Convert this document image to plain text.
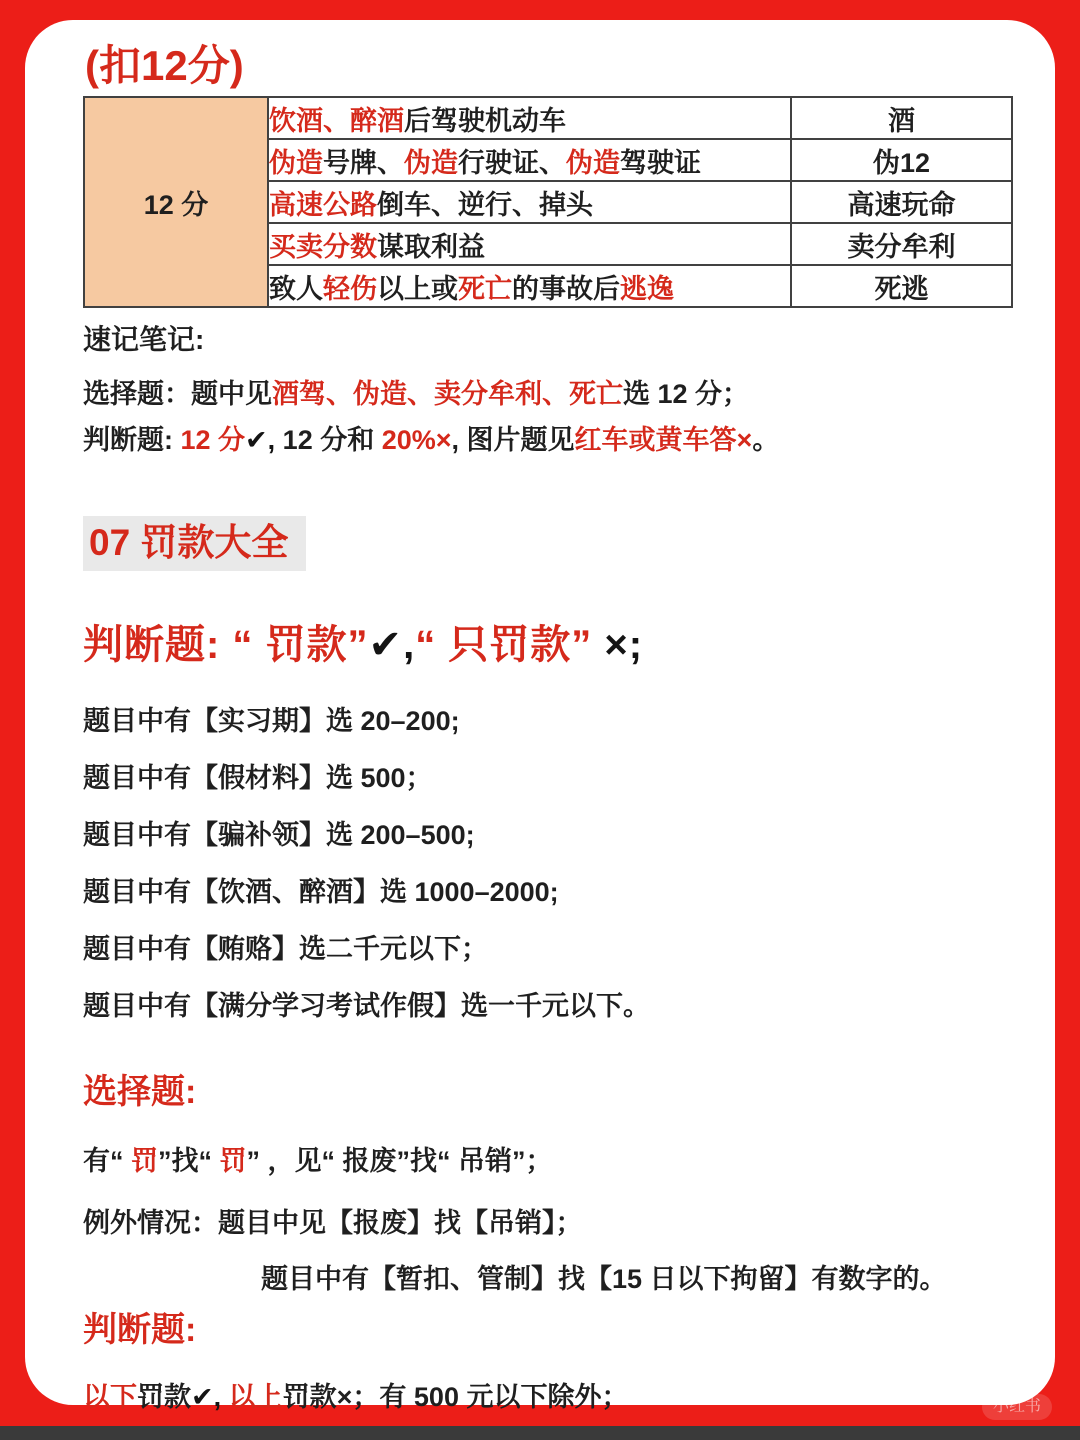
(扣12分)
12 分	饮酒、醉酒后驾驶机动车	酒
	伪造号牌、伪造行驶证、伪造驾驶证	伪12
	高速公路倒车、逆行、掉头	高速玩命
	买卖分数谋取利益	卖分牟利
	致人轻伤以上或死亡的事故后逃逸	死逃
速记笔记:
选择题：题中见酒驾、伪造、卖分牟利、死亡选 12 分；
判断题: 12 分✔, 12 分和 20%×, 图片题见红车或黄车答×。
07 罚款大全
判断题: “ 罚款”✔,“ 只罚款” ×;
题目中有【实习期】选 20–200;
题目中有【假材料】选 500；
题目中有【骗补领】选 200–500;
题目中有【饮酒、醉酒】选 1000–2000;
题目中有【贿赂】选二千元以下；
题目中有【满分学习考试作假】选一千元以下。
选择题:
有“ 罚”找“ 罚” ，见“ 报废”找“ 吊销”；
例外情况：题目中见【报废】找【吊销】；
题目中有【暂扣、管制】找【15 日以下拘留】有数字的。
判断题:
以下罚款✔, 以上罚款×；有 500 元以下除外；	小红书
